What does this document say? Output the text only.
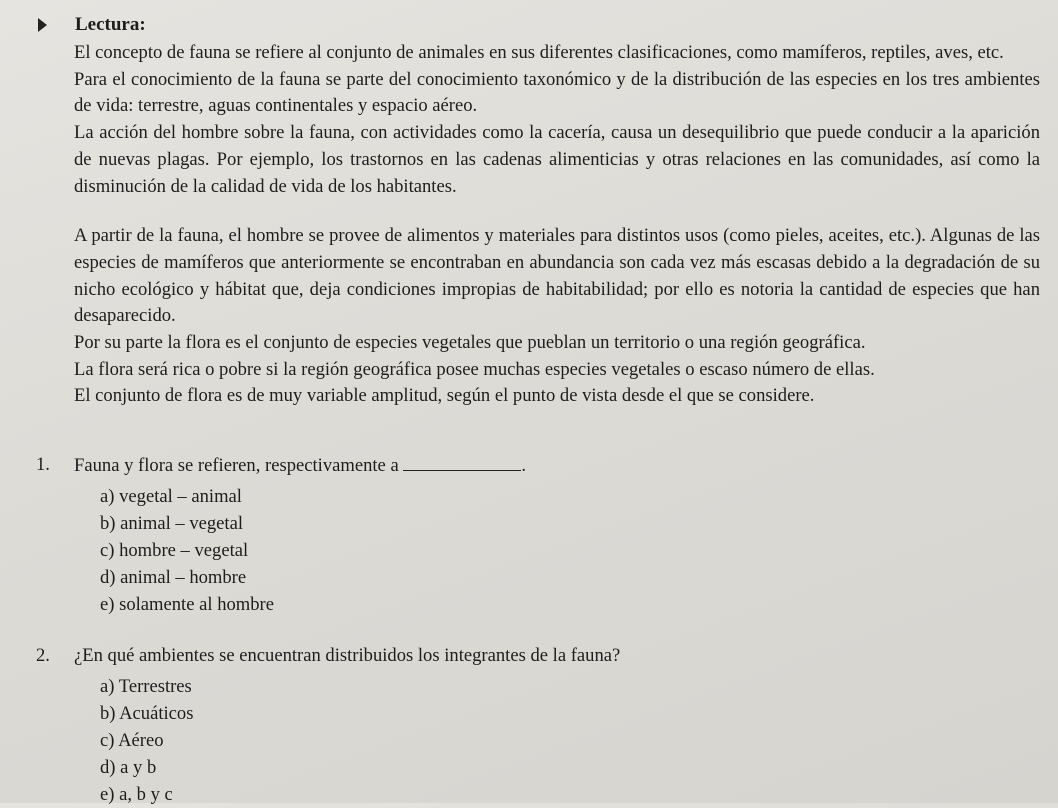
Lectura:

El concepto de fauna se refiere al conjunto de animales en sus diferentes clasificaciones, como mamíferos, reptiles, aves, etc.

Para el conocimiento de la fauna se parte del conocimiento taxonómico y de la distribución de las especies en los tres ambientes de vida: terrestre, aguas continentales y espacio aéreo.

La acción del hombre sobre la fauna, con actividades como la cacería, causa un desequilibrio que puede conducir a la aparición de nuevas plagas. Por ejemplo, los trastornos en las cadenas alimenticias y otras relaciones en las comunidades, así como la disminución de la calidad de vida de los habitantes.

A partir de la fauna, el hombre se provee de alimentos y materiales para distintos usos (como pieles, aceites, etc.). Algunas de las especies de mamíferos que anteriormente se encontraban en abundancia son cada vez más escasas debido a la degradación de su nicho ecológico y hábitat que, deja condiciones impropias de habitabilidad; por ello es notoria la cantidad de especies que han desaparecido.

Por su parte la flora es el conjunto de especies vegetales que pueblan un territorio o una región geográfica.

La flora será rica o pobre si la región geográfica posee muchas especies vegetales o escaso número de ellas.

El conjunto de flora es de muy variable amplitud, según el punto de vista desde el que se considere.

1.	Fauna y flora se refieren, respectivamente a	.
a) vegetal – animal
b) animal – vegetal
c) hombre – vegetal
d) animal – hombre
e) solamente al hombre
2.	¿En qué ambientes se encuentran distribuidos los integrantes de la fauna?
a) Terrestres
b) Acuáticos
c) Aéreo
d) a y b
e) a, b y c
